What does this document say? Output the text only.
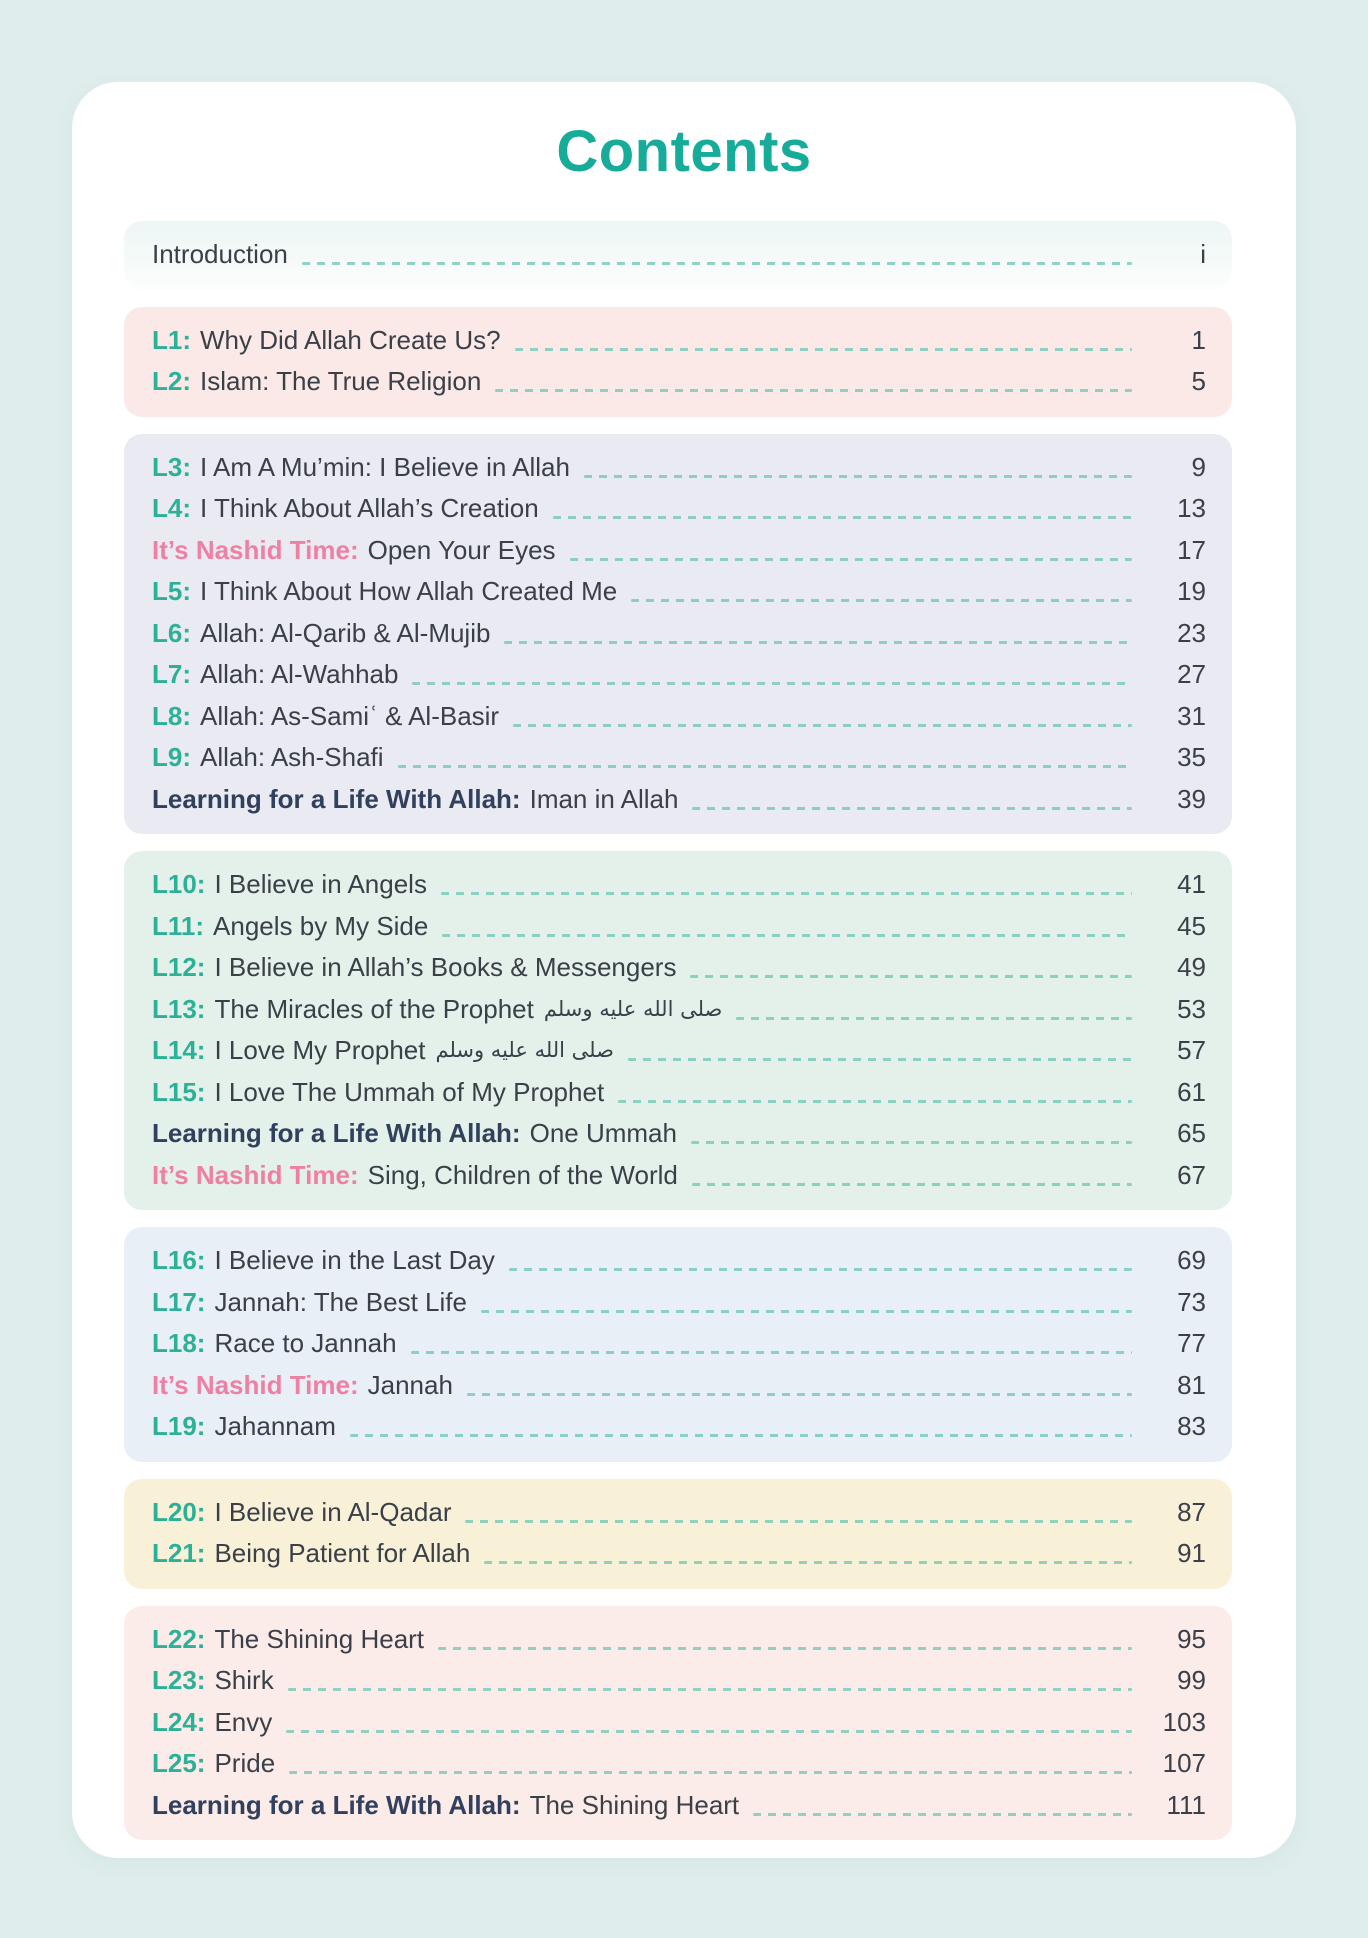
Contents
Introduction	i
L1: Why Did Allah Create Us?	1
L2: Islam: The True Religion	5
L3: I Am A Mu’min: I Believe in Allah	9
L4: I Think About Allah’s Creation	13
It’s Nashid Time: Open Your Eyes	17
L5: I Think About How Allah Created Me	19
L6: Allah: Al-Qarib & Al-Mujib	23
L7: Allah: Al-Wahhab	27
L8: Allah: As-Samiʿ & Al-Basir	31
L9: Allah: Ash-Shafi	35
Learning for a Life With Allah: Iman in Allah	39
L10: I Believe in Angels	41
L11: Angels by My Side	45
L12: I Believe in Allah’s Books & Messengers	49
L13: The Miracles of the Prophet صلى الله عليه وسلم	53
L14: I Love My Prophet صلى الله عليه وسلم	57
L15: I Love The Ummah of My Prophet	61
Learning for a Life With Allah: One Ummah	65
It’s Nashid Time: Sing, Children of the World	67
L16: I Believe in the Last Day	69
L17: Jannah: The Best Life	73
L18: Race to Jannah	77
It’s Nashid Time: Jannah	81
L19: Jahannam	83
L20: I Believe in Al-Qadar	87
L21: Being Patient for Allah	91
L22: The Shining Heart	95
L23: Shirk	99
L24: Envy	103
L25: Pride	107
Learning for a Life With Allah: The Shining Heart	111
